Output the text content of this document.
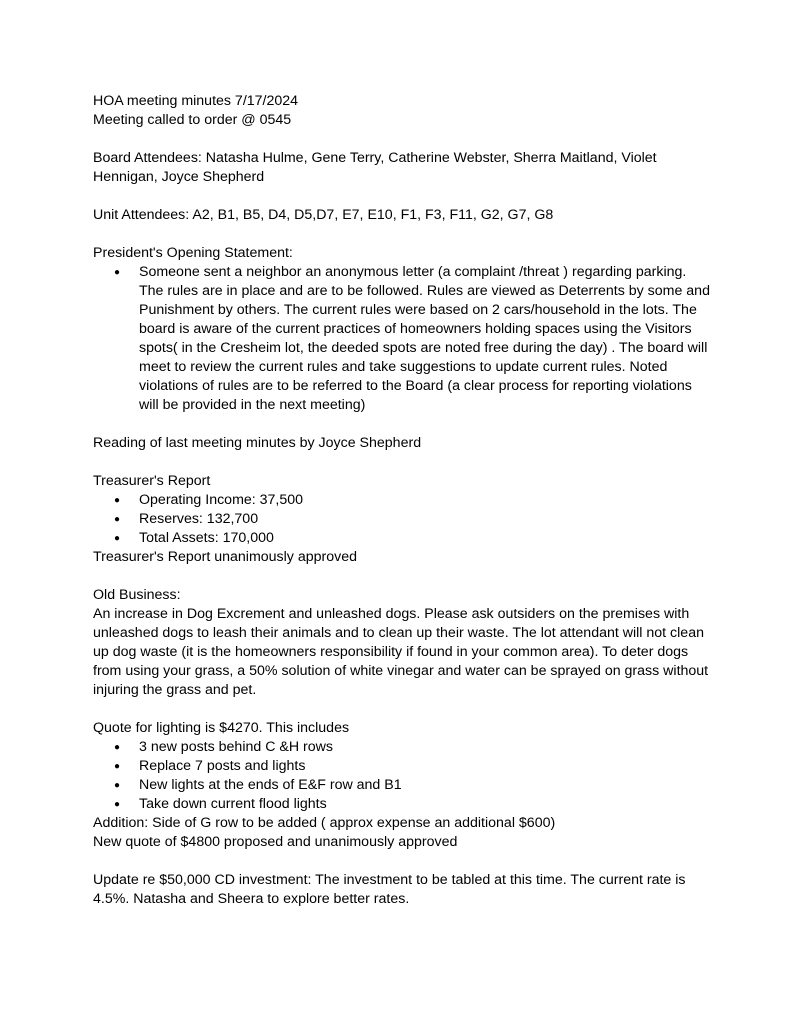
HOA meeting minutes 7/17/2024

Meeting called to order @ 0545

Board Attendees: Natasha Hulme, Gene Terry, Catherine Webster, Sherra Maitland, Violet Hennigan, Joyce Shepherd

Unit Attendees: A2, B1, B5, D4, D5,D7, E7, E10, F1, F3, F11, G2, G7, G8

President's Opening Statement:

● Someone sent a neighbor an anonymous letter (a complaint /threat ) regarding parking. The rules are in place and are to be followed. Rules are viewed as Deterrents by some and Punishment by others. The current rules were based on 2 cars/household in the lots. The board is aware of the current practices of homeowners holding spaces using the Visitors spots( in the Cresheim lot, the deeded spots are noted free during the day) . The board will meet to review the current rules and take suggestions to update current rules. Noted violations of rules are to be referred to the Board (a clear process for reporting violations will be provided in the next meeting)

Reading of last meeting minutes by Joyce Shepherd

Treasurer's Report

● Operating Income: 37,500
● Reserves: 132,700
● Total Assets: 170,000

Treasurer's Report unanimously approved

Old Business:

An increase in Dog Excrement and unleashed dogs. Please ask outsiders on the premises with unleashed dogs to leash their animals and to clean up their waste. The lot attendant will not clean up dog waste (it is the homeowners responsibility if found in your common area). To deter dogs from using your grass, a 50% solution of white vinegar and water can be sprayed on grass without injuring the grass and pet.

Quote for lighting is $4270. This includes

● 3 new posts behind C &H rows
● Replace 7 posts and lights
● New lights at the ends of E&F row and B1
● Take down current flood lights

Addition: Side of G row to be added ( approx expense an additional $600)

New quote of $4800 proposed and unanimously approved

Update re $50,000 CD investment: The investment to be tabled at this time. The current rate is 4.5%. Natasha and Sheera to explore better rates.
